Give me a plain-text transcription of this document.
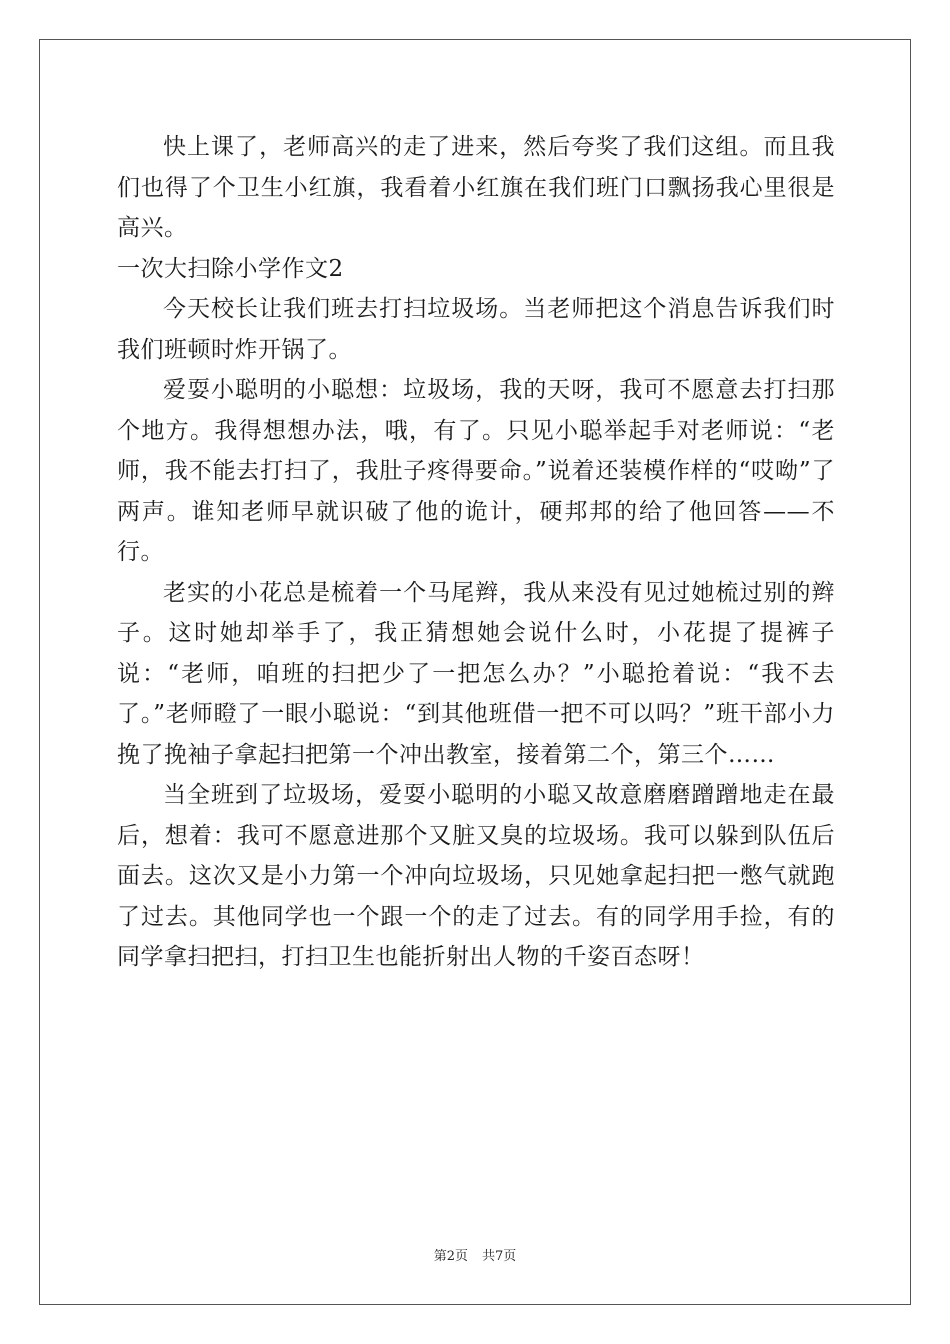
快上课了，老师高兴的走了进来，然后夸奖了我们这组。而且我们也得了个卫生小红旗，我看着小红旗在我们班门口飘扬我心里很是高兴。

一次大扫除小学作文2

今天校长让我们班去打扫垃圾场。当老师把这个消息告诉我们时我们班顿时炸开锅了。

爱耍小聪明的小聪想：垃圾场，我的天呀，我可不愿意去打扫那个地方。我得想想办法，哦，有了。只见小聪举起手对老师说：“老师，我不能去打扫了，我肚子疼得要命。”说着还装模作样的“哎呦”了两声。谁知老师早就识破了他的诡计，硬邦邦的给了他回答——不行。

老实的小花总是梳着一个马尾辫，我从来没有见过她梳过别的辫子。这时她却举手了，我正猜想她会说什么时，小花提了提裤子说：“老师，咱班的扫把少了一把怎么办？”小聪抢着说：“我不去了。”老师瞪了一眼小聪说：“到其他班借一把不可以吗？”班干部小力挽了挽袖子拿起扫把第一个冲出教室，接着第二个，第三个……

当全班到了垃圾场，爱耍小聪明的小聪又故意磨磨蹭蹭地走在最后，想着：我可不愿意进那个又脏又臭的垃圾场。我可以躲到队伍后面去。这次又是小力第一个冲向垃圾场，只见她拿起扫把一憋气就跑了过去。其他同学也一个跟一个的走了过去。有的同学用手捡，有的同学拿扫把扫，打扫卫生也能折射出人物的千姿百态呀！

第2页 共7页
